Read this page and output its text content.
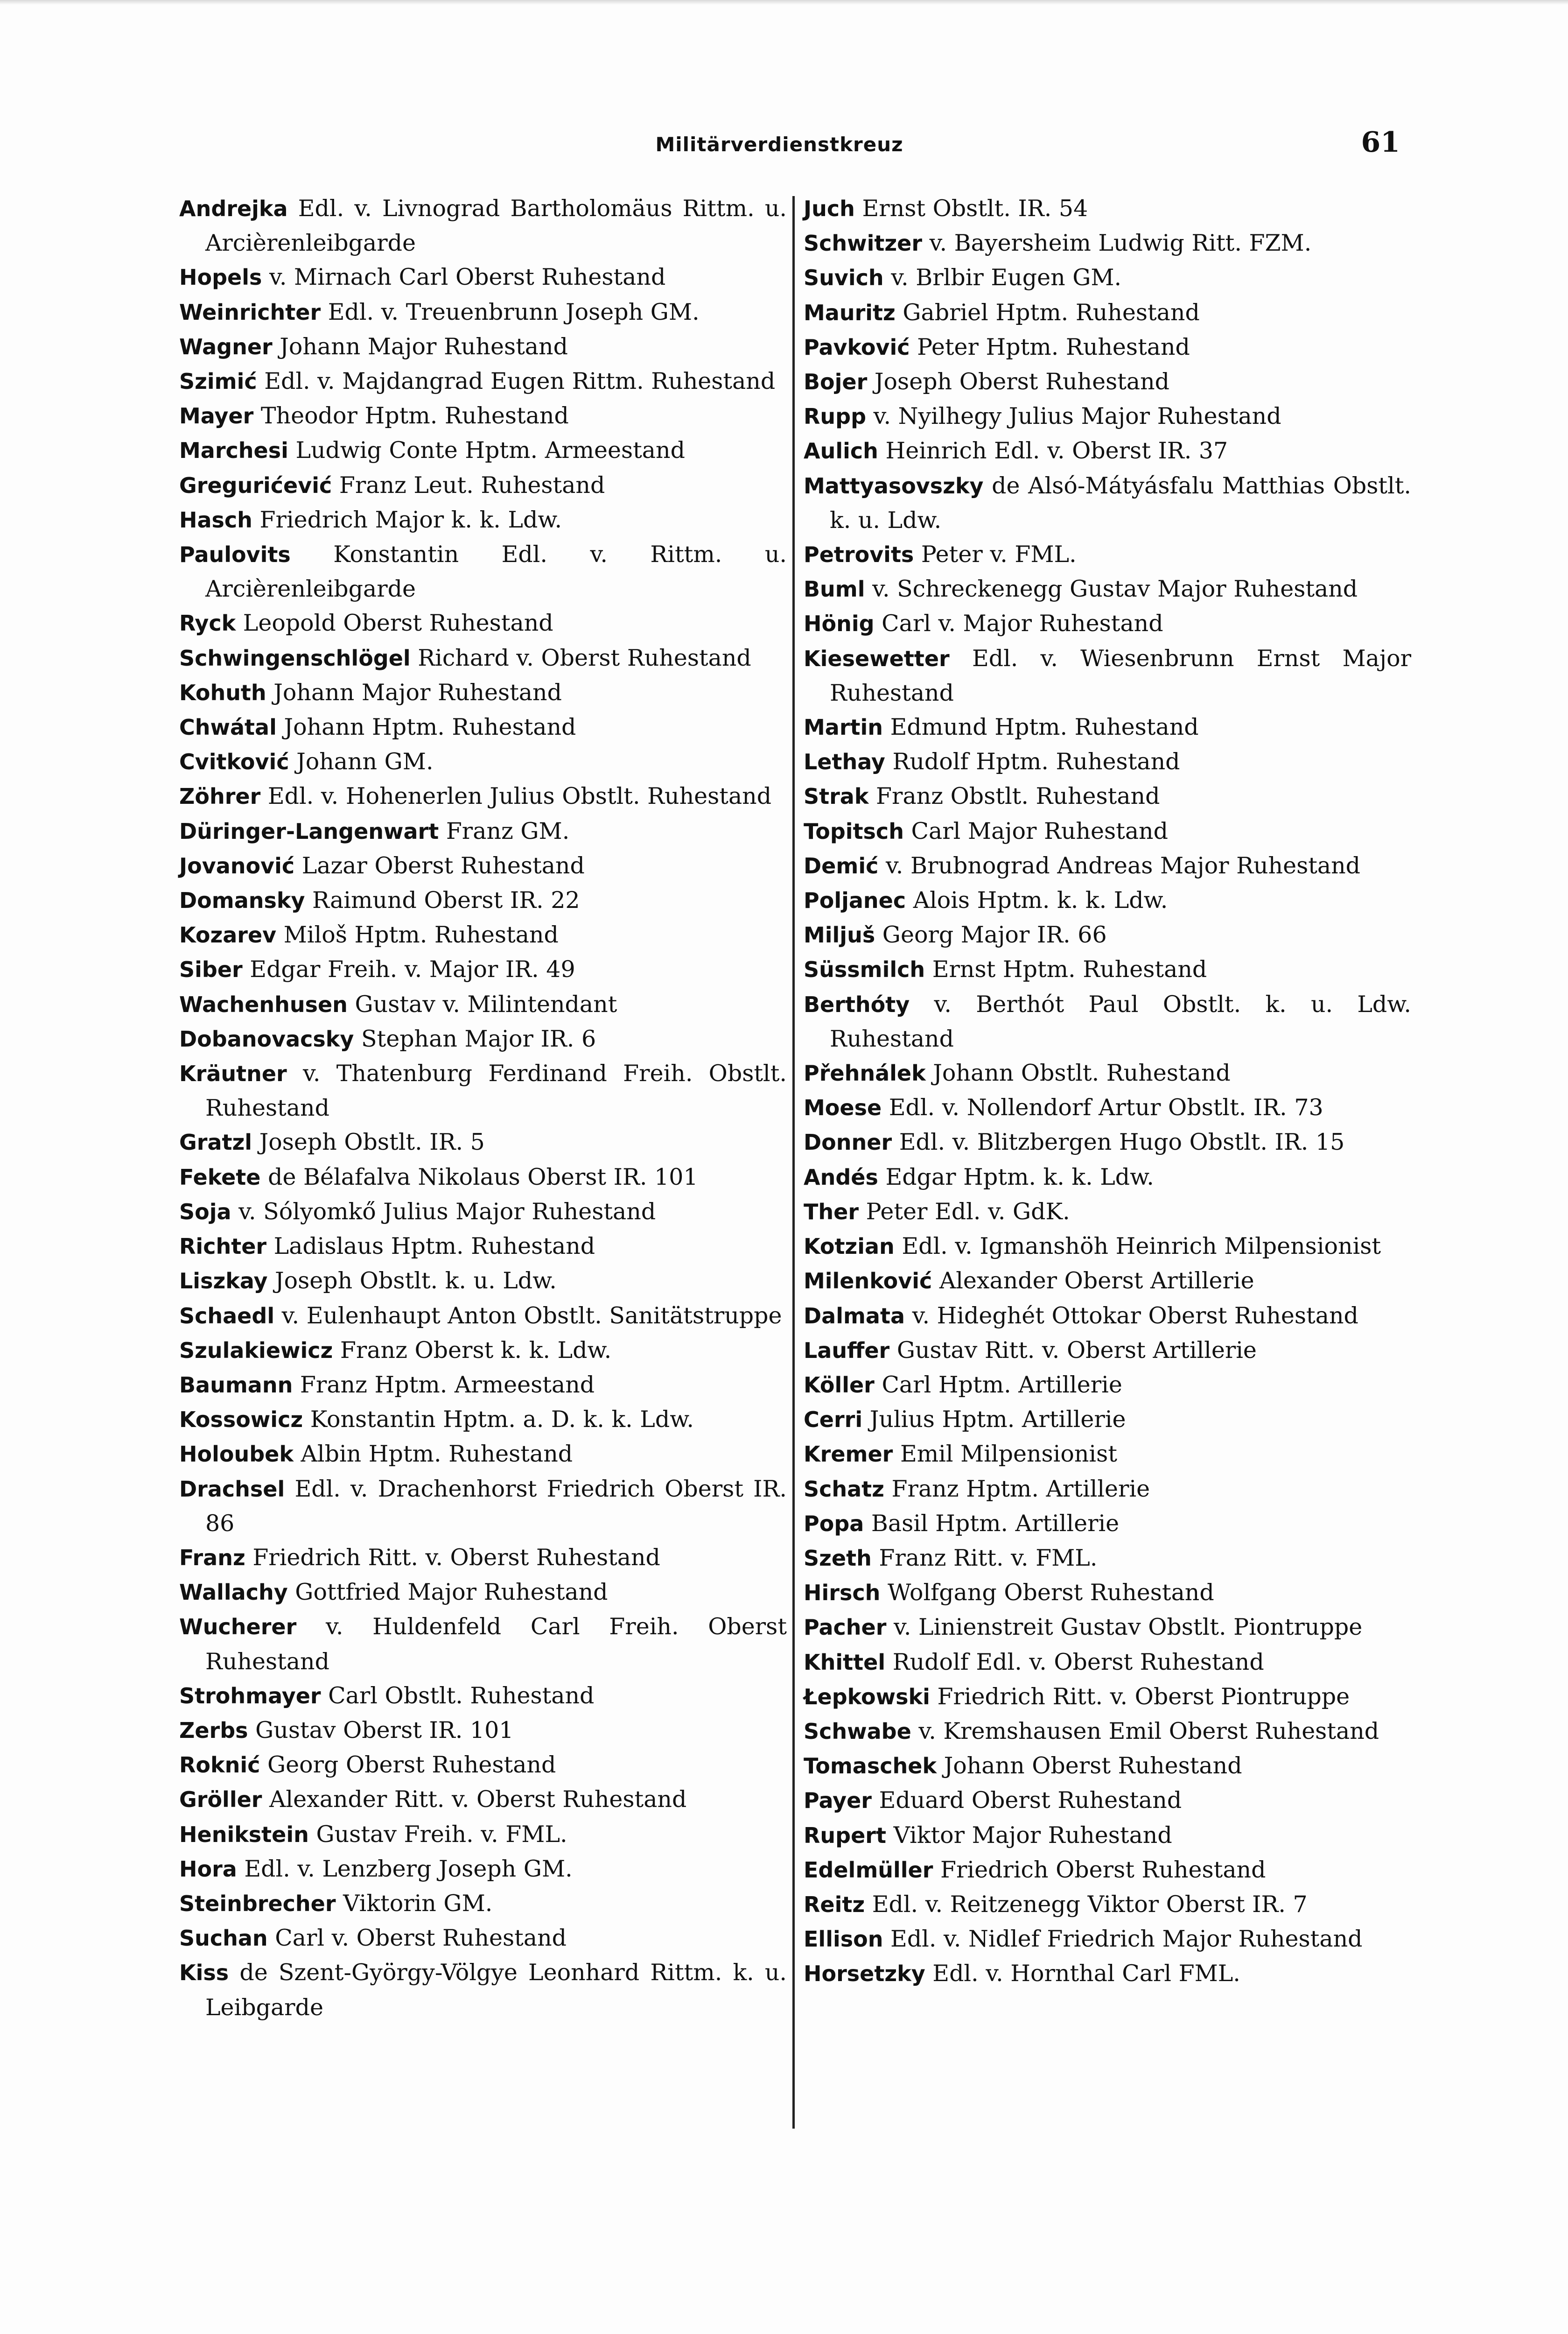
Militärverdienstkreuz	61
Andrejka Edl. v. Livnograd Bartholomäus Rittm. u. Arcièrenleibgarde
Hopels v. Mirnach Carl Oberst Ruhestand
Weinrichter Edl. v. Treuenbrunn Joseph GM.
Wagner Johann Major Ruhestand
Szimić Edl. v. Majdangrad Eugen Rittm. Ruhestand
Mayer Theodor Hptm. Ruhestand
Marchesi Ludwig Conte Hptm. Armeestand
Gregurićević Franz Leut. Ruhestand
Hasch Friedrich Major k. k. Ldw.
Paulovits Konstantin Edl. v. Rittm. u. Arcièrenleibgarde
Ryck Leopold Oberst Ruhestand
Schwingenschlögel Richard v. Oberst Ruhestand
Kohuth Johann Major Ruhestand
Chwátal Johann Hptm. Ruhestand
Cvitković Johann GM.
Zöhrer Edl. v. Hohenerlen Julius Obstlt. Ruhestand
Düringer-Langenwart Franz GM.
Jovanović Lazar Oberst Ruhestand
Domansky Raimund Oberst IR. 22
Kozarev Miloš Hptm. Ruhestand
Siber Edgar Freih. v. Major IR. 49
Wachenhusen Gustav v. Milintendant
Dobanovacsky Stephan Major IR. 6
Kräutner v. Thatenburg Ferdinand Freih. Obstlt. Ruhestand
Gratzl Joseph Obstlt. IR. 5
Fekete de Bélafalva Nikolaus Oberst IR. 101
Soja v. Sólyomkő Julius Major Ruhestand
Richter Ladislaus Hptm. Ruhestand
Liszkay Joseph Obstlt. k. u. Ldw.
Schaedl v. Eulenhaupt Anton Obstlt. Sanitätstruppe
Szulakiewicz Franz Oberst k. k. Ldw.
Baumann Franz Hptm. Armeestand
Kossowicz Konstantin Hptm. a. D. k. k. Ldw.
Holoubek Albin Hptm. Ruhestand
Drachsel Edl. v. Drachenhorst Friedrich Oberst IR. 86
Franz Friedrich Ritt. v. Oberst Ruhestand
Wallachy Gottfried Major Ruhestand
Wucherer v. Huldenfeld Carl Freih. Oberst Ruhestand
Strohmayer Carl Obstlt. Ruhestand
Zerbs Gustav Oberst IR. 101
Roknić Georg Oberst Ruhestand
Gröller Alexander Ritt. v. Oberst Ruhestand
Henikstein Gustav Freih. v. FML.
Hora Edl. v. Lenzberg Joseph GM.
Steinbrecher Viktorin GM.
Suchan Carl v. Oberst Ruhestand
Kiss de Szent-György-Völgye Leonhard Rittm. k. u. Leibgarde
Juch Ernst Obstlt. IR. 54
Schwitzer v. Bayersheim Ludwig Ritt. FZM.
Suvich v. Brlbir Eugen GM.
Mauritz Gabriel Hptm. Ruhestand
Pavković Peter Hptm. Ruhestand
Bojer Joseph Oberst Ruhestand
Rupp v. Nyilhegy Julius Major Ruhestand
Aulich Heinrich Edl. v. Oberst IR. 37
Mattyasovszky de Alsó-Mátyásfalu Matthias Obstlt. k. u. Ldw.
Petrovits Peter v. FML.
Buml v. Schreckenegg Gustav Major Ruhestand
Hönig Carl v. Major Ruhestand
Kiesewetter Edl. v. Wiesenbrunn Ernst Major Ruhestand
Martin Edmund Hptm. Ruhestand
Lethay Rudolf Hptm. Ruhestand
Strak Franz Obstlt. Ruhestand
Topitsch Carl Major Ruhestand
Demić v. Brubnograd Andreas Major Ruhestand
Poljanec Alois Hptm. k. k. Ldw.
Miljuš Georg Major IR. 66
Süssmilch Ernst Hptm. Ruhestand
Berthóty v. Berthót Paul Obstlt. k. u. Ldw. Ruhestand
Přehnálek Johann Obstlt. Ruhestand
Moese Edl. v. Nollendorf Artur Obstlt. IR. 73
Donner Edl. v. Blitzbergen Hugo Obstlt. IR. 15
Andés Edgar Hptm. k. k. Ldw.
Ther Peter Edl. v. GdK.
Kotzian Edl. v. Igmanshöh Heinrich Milpensionist
Milenković Alexander Oberst Artillerie
Dalmata v. Hideghét Ottokar Oberst Ruhestand
Lauffer Gustav Ritt. v. Oberst Artillerie
Köller Carl Hptm. Artillerie
Cerri Julius Hptm. Artillerie
Kremer Emil Milpensionist
Schatz Franz Hptm. Artillerie
Popa Basil Hptm. Artillerie
Szeth Franz Ritt. v. FML.
Hirsch Wolfgang Oberst Ruhestand
Pacher v. Linienstreit Gustav Obstlt. Piontruppe
Khittel Rudolf Edl. v. Oberst Ruhestand
Łepkowski Friedrich Ritt. v. Oberst Piontruppe
Schwabe v. Kremshausen Emil Oberst Ruhestand
Tomaschek Johann Oberst Ruhestand
Payer Eduard Oberst Ruhestand
Rupert Viktor Major Ruhestand
Edelmüller Friedrich Oberst Ruhestand
Reitz Edl. v. Reitzenegg Viktor Oberst IR. 7
Ellison Edl. v. Nidlef Friedrich Major Ruhestand
Horsetzky Edl. v. Hornthal Carl FML.
